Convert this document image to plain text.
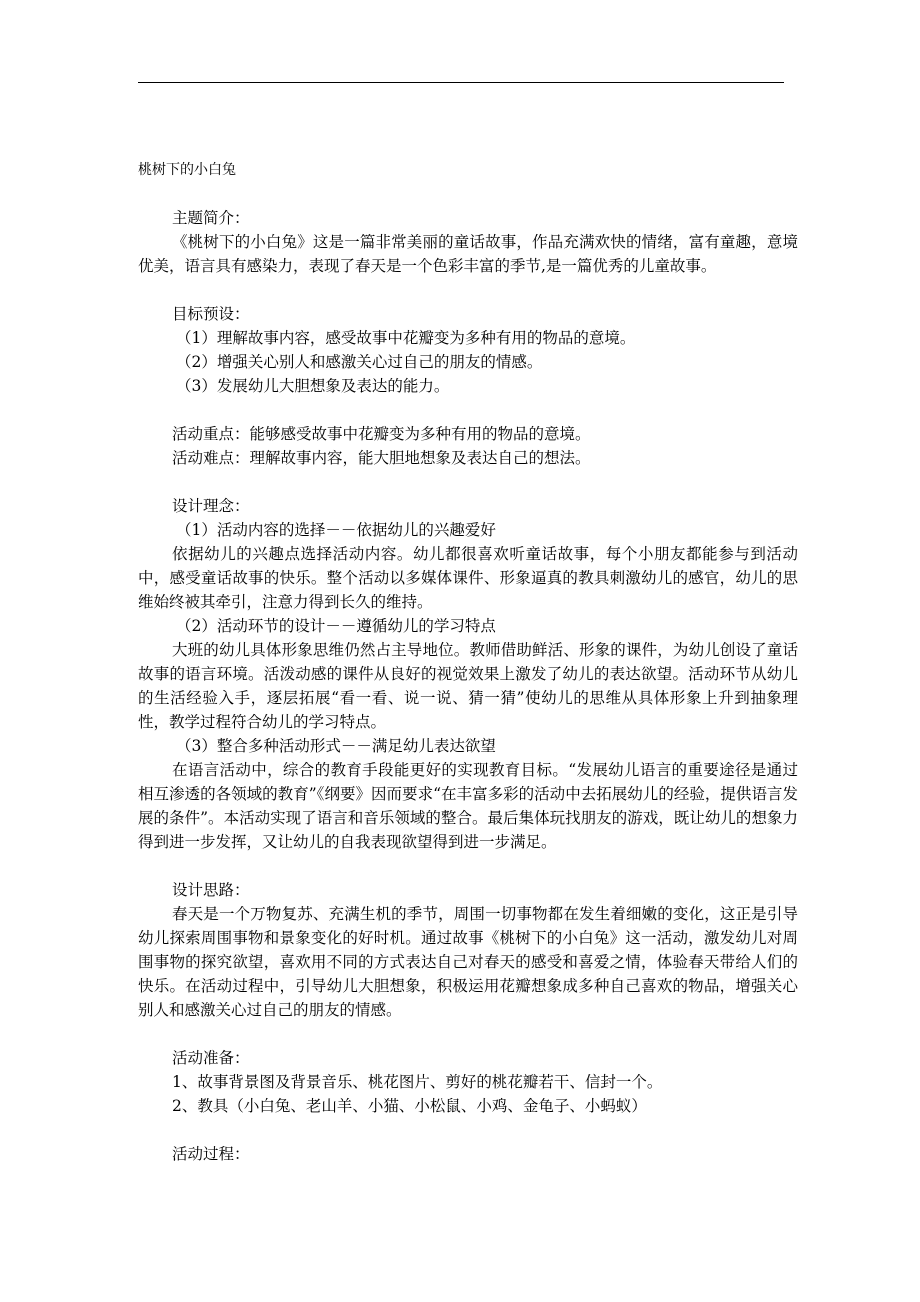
桃树下的小白兔

主题简介：

《桃树下的小白兔》这是一篇非常美丽的童话故事，作品充满欢快的情绪，富有童趣，意境优美，语言具有感染力，表现了春天是一个色彩丰富的季节,是一篇优秀的儿童故事。

目标预设：

（1）理解故事内容，感受故事中花瓣变为多种有用的物品的意境。

（2）增强关心别人和感激关心过自己的朋友的情感。

（3）发展幼儿大胆想象及表达的能力。

活动重点：能够感受故事中花瓣变为多种有用的物品的意境。

活动难点：理解故事内容，能大胆地想象及表达自己的想法。

设计理念：

（1）活动内容的选择－－依据幼儿的兴趣爱好

依据幼儿的兴趣点选择活动内容。幼儿都很喜欢听童话故事，每个小朋友都能参与到活动中，感受童话故事的快乐。整个活动以多媒体课件、形象逼真的教具刺激幼儿的感官，幼儿的思维始终被其牵引，注意力得到长久的维持。

（2）活动环节的设计－－遵循幼儿的学习特点

大班的幼儿具体形象思维仍然占主导地位。教师借助鲜活、形象的课件，为幼儿创设了童话故事的语言环境。活泼动感的课件从良好的视觉效果上激发了幼儿的表达欲望。活动环节从幼儿的生活经验入手，逐层拓展“看一看、说一说、猜一猜”使幼儿的思维从具体形象上升到抽象理性，教学过程符合幼儿的学习特点。

（3）整合多种活动形式－－满足幼儿表达欲望

在语言活动中，综合的教育手段能更好的实现教育目标。“发展幼儿语言的重要途径是通过相互渗透的各领域的教育”《纲要》因而要求“在丰富多彩的活动中去拓展幼儿的经验，提供语言发展的条件”。本活动实现了语言和音乐领域的整合。最后集体玩找朋友的游戏，既让幼儿的想象力得到进一步发挥，又让幼儿的自我表现欲望得到进一步满足。

设计思路：

春天是一个万物复苏、充满生机的季节，周围一切事物都在发生着细嫩的变化，这正是引导幼儿探索周围事物和景象变化的好时机。通过故事《桃树下的小白兔》这一活动，激发幼儿对周围事物的探究欲望，喜欢用不同的方式表达自己对春天的感受和喜爱之情，体验春天带给人们的快乐。在活动过程中，引导幼儿大胆想象，积极运用花瓣想象成多种自己喜欢的物品，增强关心别人和感激关心过自己的朋友的情感。

活动准备：

1、故事背景图及背景音乐、桃花图片、剪好的桃花瓣若干、信封一个。

2、教具（小白兔、老山羊、小猫、小松鼠、小鸡、金龟子、小蚂蚁）

活动过程：
